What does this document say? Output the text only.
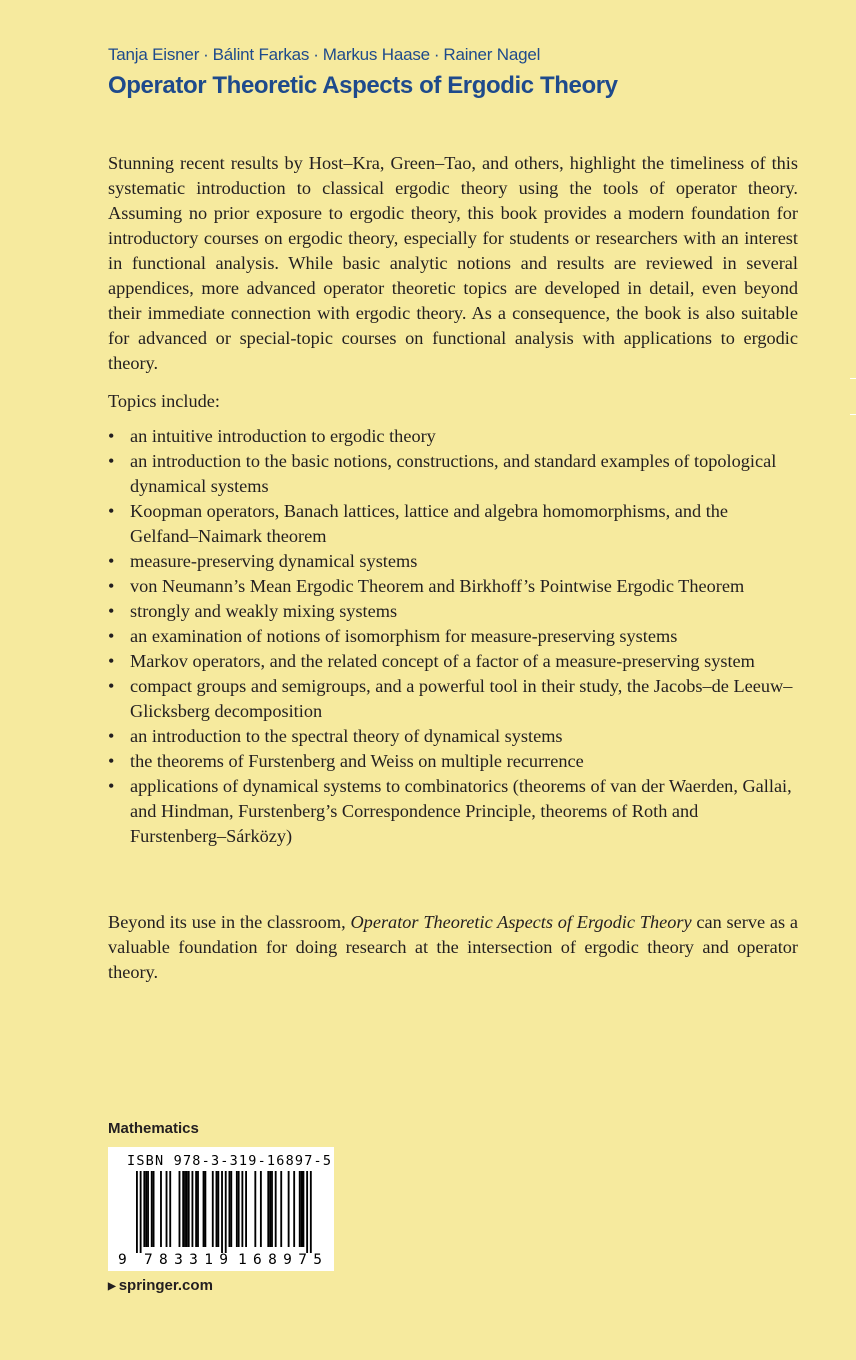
Tanja Eisner · Bálint Farkas · Markus Haase · Rainer Nagel
Operator Theoretic Aspects of Ergodic Theory

Stunning recent results by Host–Kra, Green–Tao, and others, highlight the timeliness of this systematic introduction to classical ergodic theory using the tools of operator theory. Assuming no prior exposure to ergodic theory, this book provides a modern foundation for introductory courses on ergodic theory, especially for students or researchers with an interest in functional analysis. While basic analytic notions and results are reviewed in several appendices, more advanced operator theoretic topics are developed in detail, even beyond their immediate connection with ergodic theory. As a consequence, the book is also suitable for advanced or special-topic courses on functional analysis with applications to ergodic theory.

Topics include:

• an intuitive introduction to ergodic theory
• an introduction to the basic notions, constructions, and standard examples of topological dynamical systems
• Koopman operators, Banach lattices, lattice and algebra homomorphisms, and the Gelfand–Naimark theorem
• measure-preserving dynamical systems
• von Neumann’s Mean Ergodic Theorem and Birkhoff’s Pointwise Ergodic Theorem
• strongly and weakly mixing systems
• an examination of notions of isomorphism for measure-preserving systems
• Markov operators, and the related concept of a factor of a measure-preserving system
• compact groups and semigroups, and a powerful tool in their study, the Jacobs–de Leeuw–Glicksberg decomposition
• an introduction to the spectral theory of dynamical systems
• the theorems of Furstenberg and Weiss on multiple recurrence
• applications of dynamical systems to combinatorics (theorems of van der Waerden, Gallai, and Hindman, Furstenberg’s Correspondence Principle, theorems of Roth and Furstenberg–Sárközy)

Beyond its use in the classroom, Operator Theoretic Aspects of Ergodic Theory can serve as a valuable foundation for doing research at the intersection of ergodic theory and operator theory.

Mathematics
ISBN 978-3-319-16897-5
9 783319 168975
▶ springer.com
